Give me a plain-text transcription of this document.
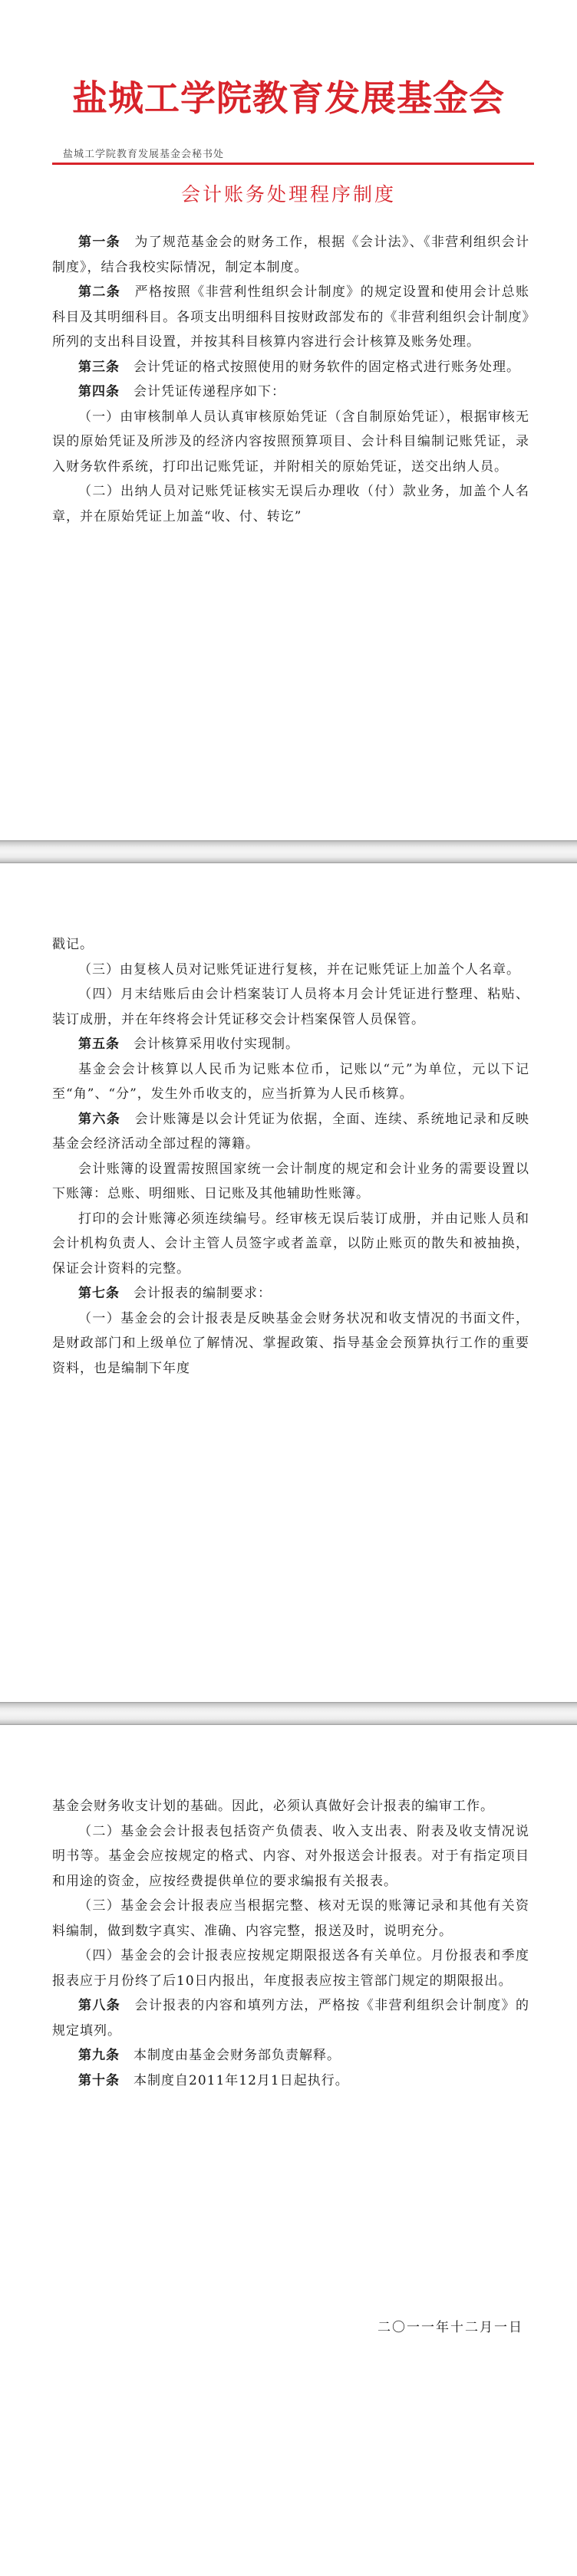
盐城工学院教育发展基金会

盐城工学院教育发展基金会秘书处

会计账务处理程序制度

第一条　 为了规范基金会的财务工作，根据《会计法》、《非营利组织会计制度》，结合我校实际情况，制定本制度。

第二条　 严格按照《非营利性组织会计制度》的规定设置和使用会计总账科目及其明细科目。各项支出明细科目按财政部发布的《非营利组织会计制度》所列的支出科目设置，并按其科目核算内容进行会计核算及账务处理。

第三条　 会计凭证的格式按照使用的财务软件的固定格式进行账务处理。

第四条　 会计凭证传递程序如下：

（一）由审核制单人员认真审核原始凭证（含自制原始凭证），根据审核无误的原始凭证及所涉及的经济内容按照预算项目、会计科目编制记账凭证，录入财务软件系统，打印出记账凭证，并附相关的原始凭证，送交出纳人员。

（二）出纳人员对记账凭证核实无误后办理收（付）款业务，加盖个人名章，并在原始凭证上加盖“收、付、转讫”

戳记。

（三）由复核人员对记账凭证进行复核，并在记账凭证上加盖个人名章。

（四）月末结账后由会计档案装订人员将本月会计凭证进行整理、粘贴、装订成册，并在年终将会计凭证移交会计档案保管人员保管。

第五条　 会计核算采用收付实现制。

基金会会计核算以人民币为记账本位币，记账以“元”为单位，元以下记至“角”、“分”，发生外币收支的，应当折算为人民币核算。

第六条　 会计账簿是以会计凭证为依据，全面、连续、系统地记录和反映基金会经济活动全部过程的簿籍。

会计账簿的设置需按照国家统一会计制度的规定和会计业务的需要设置以下账簿：总账、明细账、日记账及其他辅助性账簿。

打印的会计账簿必须连续编号。经审核无误后装订成册，并由记账人员和会计机构负责人、会计主管人员签字或者盖章，以防止账页的散失和被抽换，保证会计资料的完整。

第七条　 会计报表的编制要求：

（一）基金会的会计报表是反映基金会财务状况和收支情况的书面文件，是财政部门和上级单位了解情况、掌握政策、指导基金会预算执行工作的重要资料，也是编制下年度

基金会财务收支计划的基础。因此，必须认真做好会计报表的编审工作。

（二）基金会会计报表包括资产负债表、收入支出表、附表及收支情况说明书等。基金会应按规定的格式、内容、对外报送会计报表。对于有指定项目和用途的资金，应按经费提供单位的要求编报有关报表。

（三）基金会会计报表应当根据完整、核对无误的账簿记录和其他有关资料编制，做到数字真实、准确、内容完整，报送及时，说明充分。

（四）基金会的会计报表应按规定期限报送各有关单位。月份报表和季度报表应于月份终了后10日内报出，年度报表应按主管部门规定的期限报出。

第八条　 会计报表的内容和填列方法，严格按《非营利组织会计制度》的规定填列。

第九条　 本制度由基金会财务部负责解释。

第十条　 本制度自2011年12月1日起执行。

二〇一一年十二月一日
